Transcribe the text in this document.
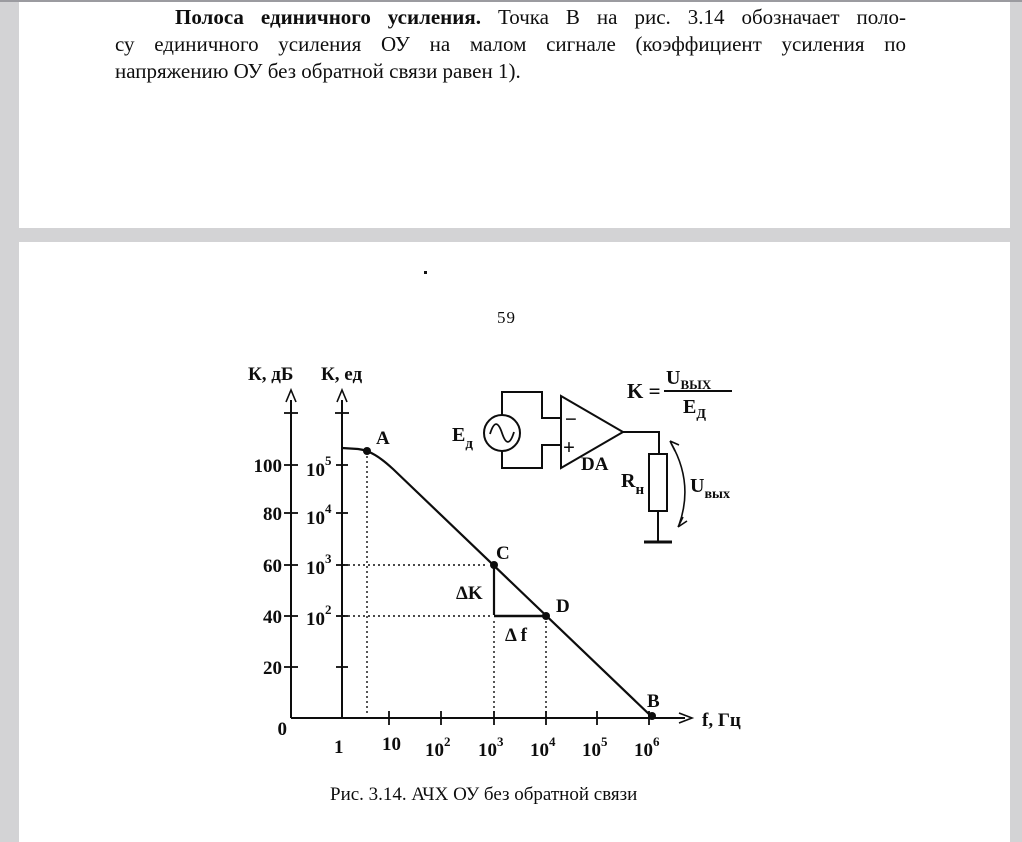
Полоса единичного усиления. Точка В на рис. 3.14 обозначает поло-
су единичного усиления ОУ на малом сигнале (коэффициент усиления по
напряжению ОУ без обратной связи равен 1).
59
К, дБ К, ед
f, Гц
0
100
80
60
40
20
$10^5$
$10^4$
$10^3$
$10^2$
1 10 $10^2$ $10^3$ $10^4$ $10^5$ $10^6$
A
C
D
B
ΔK
Δ f
$Е_д$
−
+
DA
$R_н$ $U_{вых}$
K =
$U_{ВЫХ}$
$Е_Д$
Рис. 3.14. АЧХ ОУ без обратной связи
